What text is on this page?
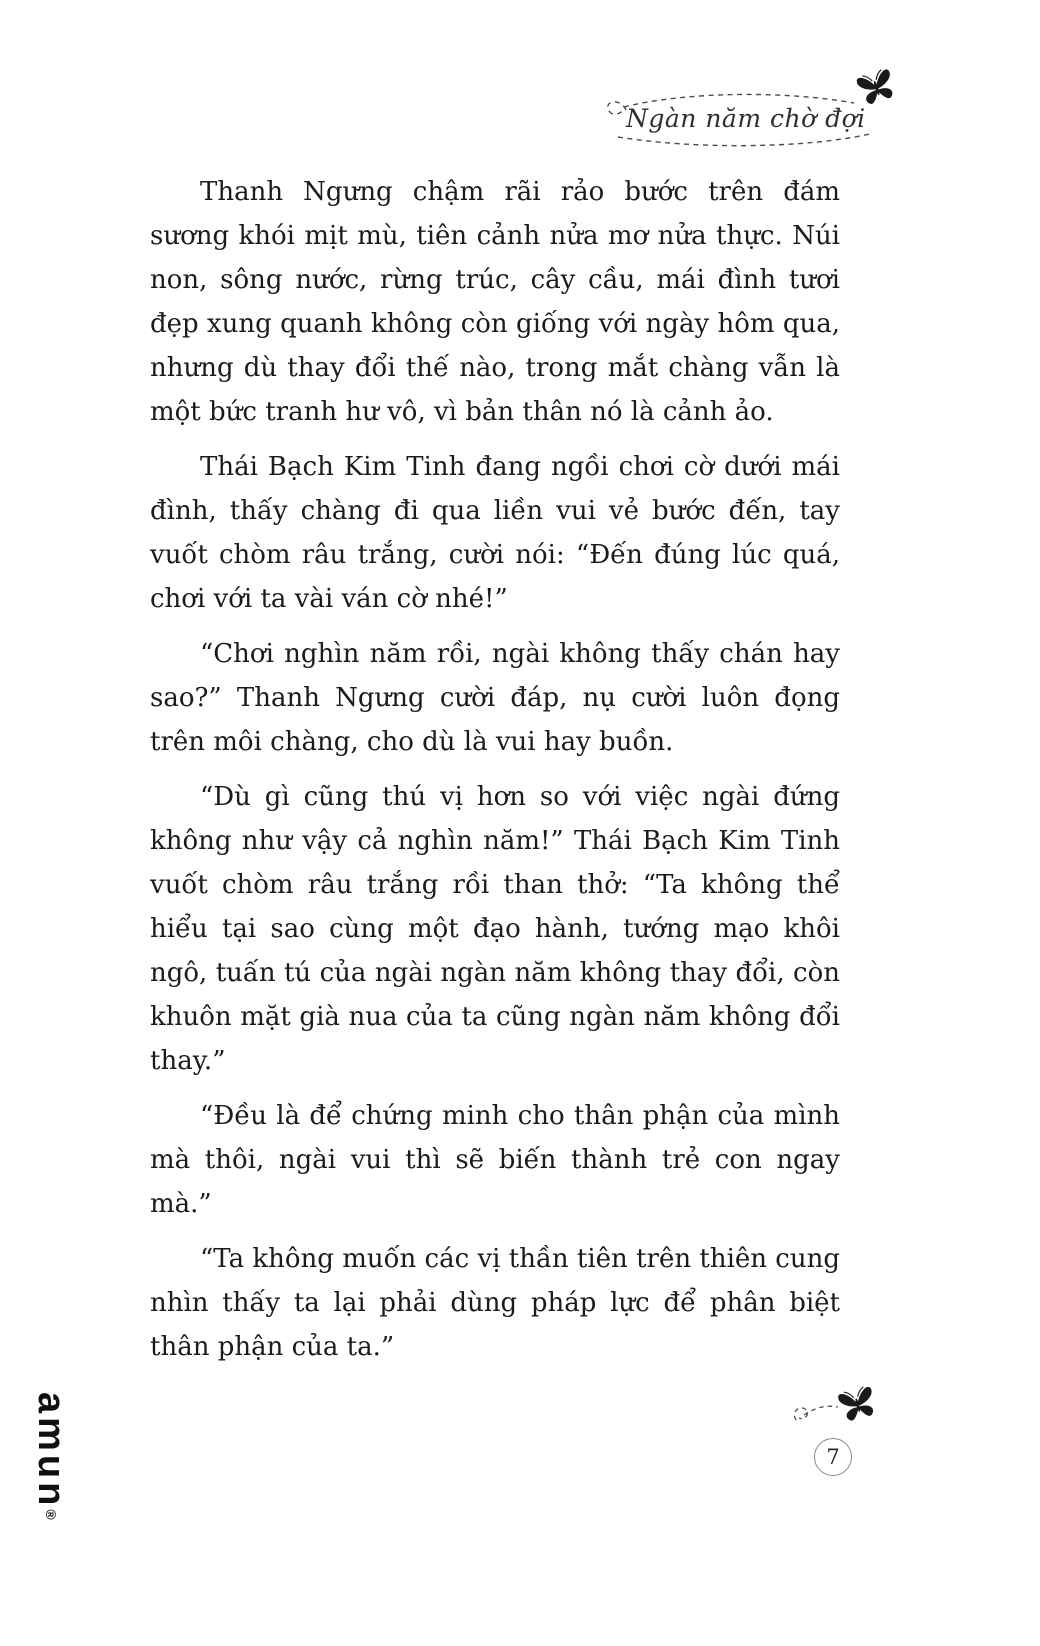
Ngàn năm chờ đợi

Thanh Ngưng chậm rãi rảo bước trên đám sương khói mịt mù, tiên cảnh nửa mơ nửa thực. Núi non, sông nước, rừng trúc, cây cầu, mái đình tươi đẹp xung quanh không còn giống với ngày hôm qua, nhưng dù thay đổi thế nào, trong mắt chàng vẫn là một bức tranh hư vô, vì bản thân nó là cảnh ảo.

Thái Bạch Kim Tinh đang ngồi chơi cờ dưới mái đình, thấy chàng đi qua liền vui vẻ bước đến, tay vuốt chòm râu trắng, cười nói: “Đến đúng lúc quá, chơi với ta vài ván cờ nhé!”

“Chơi nghìn năm rồi, ngài không thấy chán hay sao?” Thanh Ngưng cười đáp, nụ cười luôn đọng trên môi chàng, cho dù là vui hay buồn.

“Dù gì cũng thú vị hơn so với việc ngài đứng không như vậy cả nghìn năm!” Thái Bạch Kim Tinh vuốt chòm râu trắng rồi than thở: “Ta không thể hiểu tại sao cùng một đạo hành, tướng mạo khôi ngô, tuấn tú của ngài ngàn năm không thay đổi, còn khuôn mặt già nua của ta cũng ngàn năm không đổi thay.”

“Đều là để chứng minh cho thân phận của mình mà thôi, ngài vui thì sẽ biến thành trẻ con ngay mà.”

“Ta không muốn các vị thần tiên trên thiên cung nhìn thấy ta lại phải dùng pháp lực để phân biệt thân phận của ta.”

amun®
7
